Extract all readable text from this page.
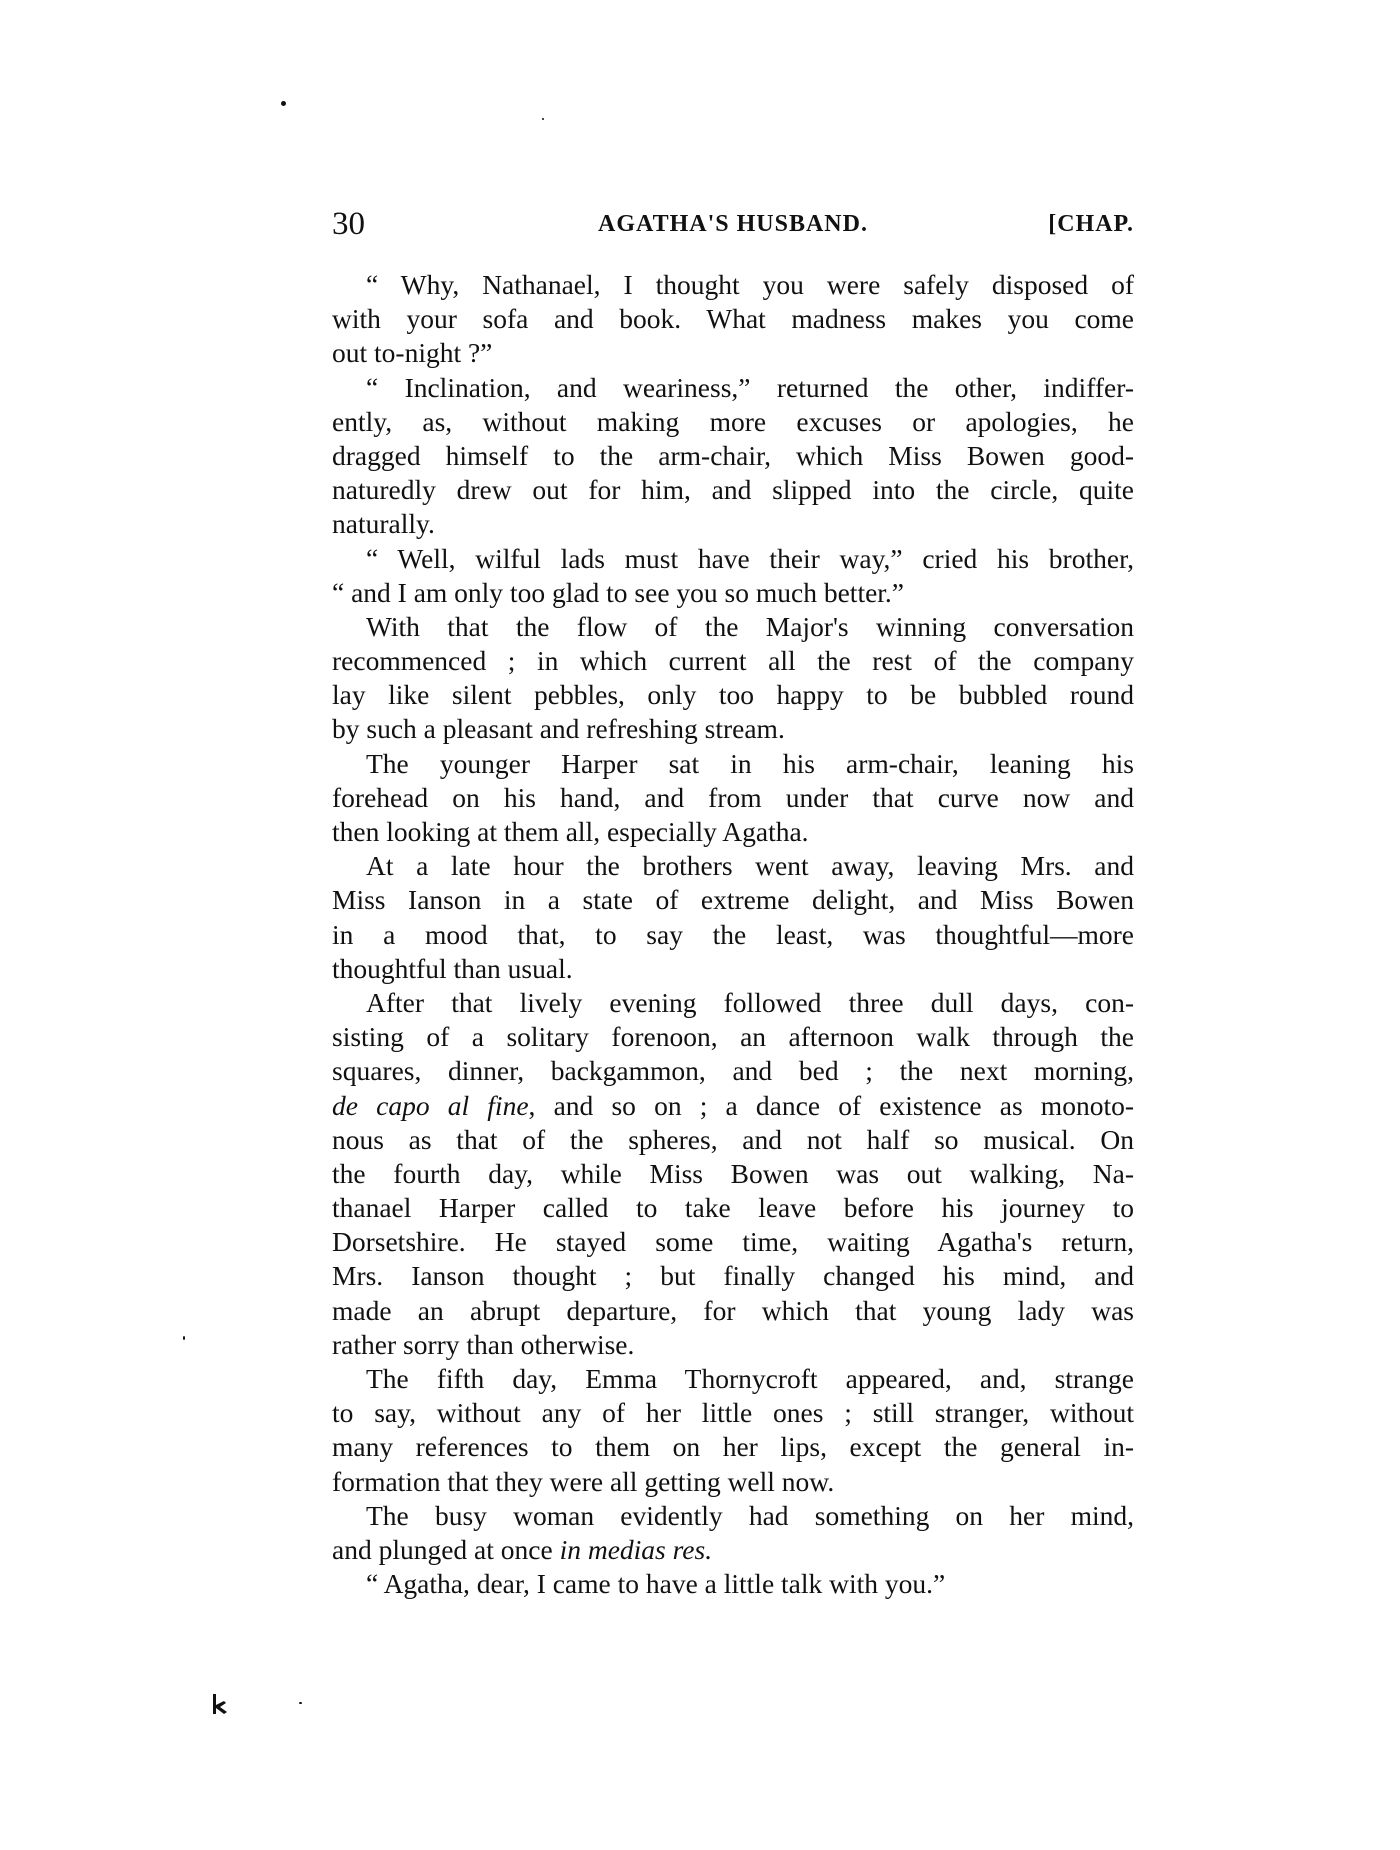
30	AGATHA'S HUSBAND.	[CHAP.
“ Why, Nathanael, I thought you were safely disposed of
with your sofa and book. What madness makes you come
out to-night ?”
“ Inclination, and weariness,” returned the other, indiffer-
ently, as, without making more excuses or apologies, he
dragged himself to the arm-chair, which Miss Bowen good-
naturedly drew out for him, and slipped into the circle, quite
naturally.
“ Well, wilful lads must have their way,” cried his brother,
“ and I am only too glad to see you so much better.”
With that the flow of the Major's winning conversation
recommenced ; in which current all the rest of the company
lay like silent pebbles, only too happy to be bubbled round
by such a pleasant and refreshing stream.
The younger Harper sat in his arm-chair, leaning his
forehead on his hand, and from under that curve now and
then looking at them all, especially Agatha.
At a late hour the brothers went away, leaving Mrs. and
Miss Ianson in a state of extreme delight, and Miss Bowen
in a mood that, to say the least, was thoughtful—more
thoughtful than usual.
After that lively evening followed three dull days, con-
sisting of a solitary forenoon, an afternoon walk through the
squares, dinner, backgammon, and bed ; the next morning,
de capo al fine, and so on ; a dance of existence as monoto-
nous as that of the spheres, and not half so musical. On
the fourth day, while Miss Bowen was out walking, Na-
thanael Harper called to take leave before his journey to
Dorsetshire. He stayed some time, waiting Agatha's return,
Mrs. Ianson thought ; but finally changed his mind, and
made an abrupt departure, for which that young lady was
rather sorry than otherwise.
The fifth day, Emma Thornycroft appeared, and, strange
to say, without any of her little ones ; still stranger, without
many references to them on her lips, except the general in-
formation that they were all getting well now.
The busy woman evidently had something on her mind,
and plunged at once in medias res.
“ Agatha, dear, I came to have a little talk with you.”
